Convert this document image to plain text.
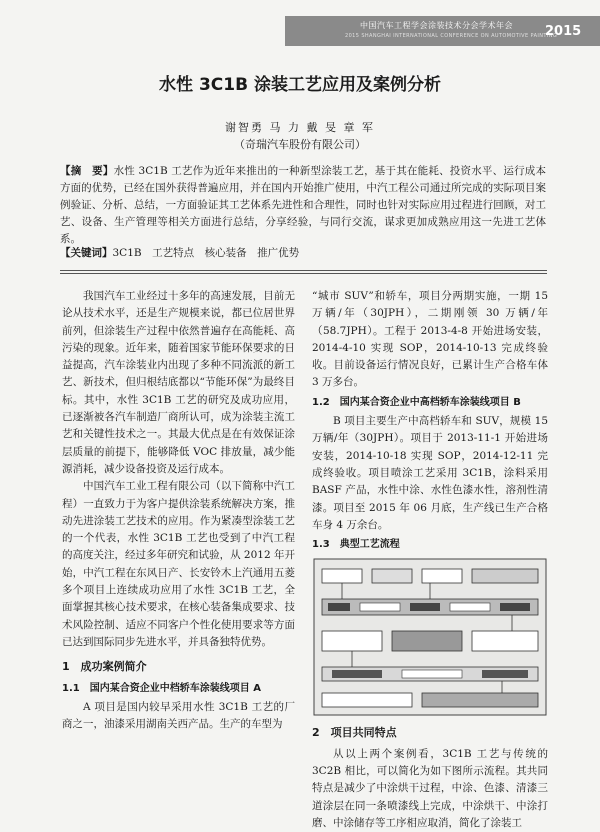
中国汽车工程学会涂装技术分会学术年会
2015 SHANGHAI INTERNATIONAL CONFERENCE ON AUTOMOTIVE PAINTING
2015
水性 3C1B 涂装工艺应用及案例分析
谢智勇 马 力 戴 旻 章 军
（奇瑞汽车股份有限公司）
【摘　要】水性 3C1B 工艺作为近年来推出的一种新型涂装工艺，基于其在能耗、投资水平、运行成本方面的优势，已经在国外获得普遍应用，并在国内开始推广使用，中汽工程公司通过所完成的实际项目案例验证、分析、总结，一方面验证其工艺体系先进性和合理性，同时也针对实际应用过程进行回顾，对工艺、设备、生产管理等相关方面进行总结，分享经验，与同行交流，谋求更加成熟应用这一先进工艺体系。
【关键词】3C1B　工艺特点　核心装备　推广优势

我国汽车工业经过十多年的高速发展，目前无论从技术水平，还是生产规模来说，都已位居世界前列，但涂装生产过程中依然普遍存在高能耗、高污染的现象。近年来，随着国家节能环保要求的日益提高，汽车涂装业内出现了多种不同流派的新工艺、新技术，但归根结底都以“节能环保”为最终目标。其中，水性 3C1B 工艺的研究及成功应用，已逐渐被各汽车制造厂商所认可，成为涂装主流工艺和关键性技术之一。其最大优点是在有效保证涂层质量的前提下，能够降低 VOC 排放量，减少能源消耗，减少设备投资及运行成本。

中国汽车工业工程有限公司（以下简称中汽工程）一直致力于为客户提供涂装系统解决方案，推动先进涂装工艺技术的应用。作为紧凑型涂装工艺的一个代表，水性 3C1B 工艺也受到了中汽工程的高度关注，经过多年研究和试验，从 2012 年开始，中汽工程在东风日产、长安铃木上汽通用五菱多个项目上连续成功应用了水性 3C1B 工艺，全面掌握其核心技术要求，在核心装备集成要求、技术风险控制、适应不同客户个性化使用要求等方面已达到国际同步先进水平，并具备独特优势。

1　成功案例简介
1.1　国内某合资企业中档轿车涂装线项目 A

A 项目是国内较早采用水性 3C1B 工艺的厂商之一，油漆采用湖南关西产品。生产的车型为

“城市 SUV”和轿车，项目分两期实施，一期 15 万辆/年（30JPH），二期刚领 30 万辆/年（58.7JPH）。工程于 2013-4-8 开始进场安装，2014-4-10 实现 SOP，2014-10-13 完成终验收。目前设备运行情况良好，已累计生产合格车体 3 万多台。

1.2　国内某合资企业中高档轿车涂装线项目 B

B 项目主要生产中高档轿车和 SUV，规模 15 万辆/年（30JPH）。项目于 2013-11-1 开始进场安装，2014-10-18 实现 SOP，2014-12-11 完成终验收。项目喷涂工艺采用 3C1B，涂料采用 BASF 产品，水性中涂、水性色漆水性，溶剂性清漆。项目至 2015 年 06 月底，生产线已生产合格车身 4 万余台。

1.3　典型工艺流程
2　项目共同特点

从以上两个案例看，3C1B 工艺与传统的 3C2B 相比，可以简化为如下图所示流程。其共同特点是减少了中涂烘干过程，中涂、色漆、清漆三道涂层在同一条喷漆线上完成，中涂烘干、中涂打磨、中涂储存等工序相应取消，简化了涂装工
